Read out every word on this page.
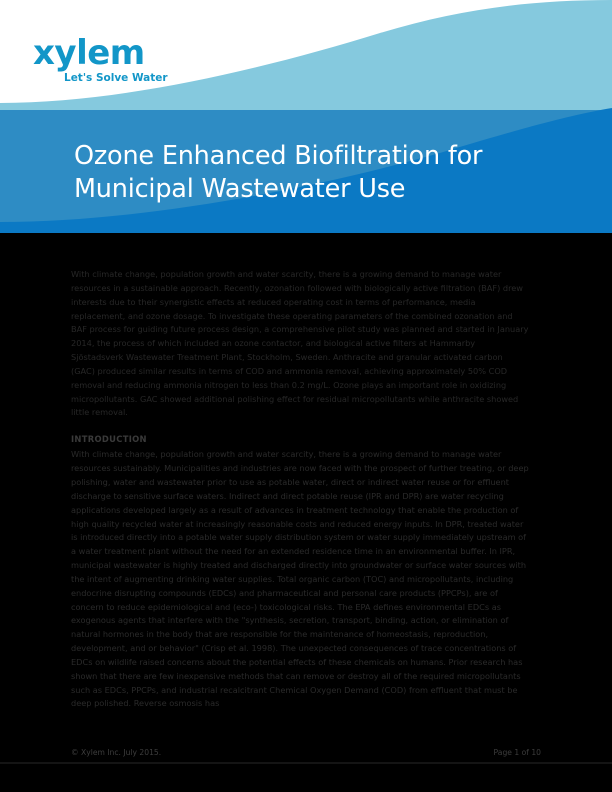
xylem
Let's Solve Water
Ozone Enhanced Biofiltration for
Municipal Wastewater Use

With climate change, population growth and water scarcity, there is a growing demand to manage water resources in a sustainable approach. Recently, ozonation followed with biologically active filtration (BAF) drew interests due to their synergistic effects at reduced operating cost in terms of performance, media replacement, and ozone dosage. To investigate these operating parameters of the combined ozonation and BAF process for guiding future process design, a comprehensive pilot study was planned and started in January 2014, the process of which included an ozone contactor, and biological active filters at Hammarby Sjöstadsverk Wastewater Treatment Plant, Stockholm, Sweden. Anthracite and granular activated carbon (GAC) produced similar results in terms of COD and ammonia removal, achieving approximately 50% COD removal and reducing ammonia nitrogen to less than 0.2 mg/L. Ozone plays an important role in oxidizing micropollutants. GAC showed additional polishing effect for residual micropollutants while anthracite showed little removal.

INTRODUCTION

With climate change, population growth and water scarcity, there is a growing demand to manage water resources sustainably. Municipalities and industries are now faced with the prospect of further treating, or deep polishing, water and wastewater prior to use as potable water, direct or indirect water reuse or for effluent discharge to sensitive surface waters. Indirect and direct potable reuse (IPR and DPR) are water recycling applications developed largely as a result of advances in treatment technology that enable the production of high quality recycled water at increasingly reasonable costs and reduced energy inputs. In DPR, treated water is introduced directly into a potable water supply distribution system or water supply immediately upstream of a water treatment plant without the need for an extended residence time in an environmental buffer. In IPR, municipal wastewater is highly treated and discharged directly into groundwater or surface water sources with the intent of augmenting drinking water supplies. Total organic carbon (TOC) and micropollutants, including endocrine disrupting compounds (EDCs) and pharmaceutical and personal care products (PPCPs), are of concern to reduce epidemiological and (eco-) toxicological risks. The EPA defines environmental EDCs as exogenous agents that interfere with the "synthesis, secretion, transport, binding, action, or elimination of natural hormones in the body that are responsible for the maintenance of homeostasis, reproduction, development, and or behavior" (Crisp et al. 1998). The unexpected consequences of trace concentrations of EDCs on wildlife raised concerns about the potential effects of these chemicals on humans. Prior research has shown that there are few inexpensive methods that can remove or destroy all of the required micropollutants such as EDCs, PPCPs, and industrial recalcitrant Chemical Oxygen Demand (COD) from effluent that must be deep polished. Reverse osmosis has

© Xylem Inc. July 2015.	Page 1 of 10
